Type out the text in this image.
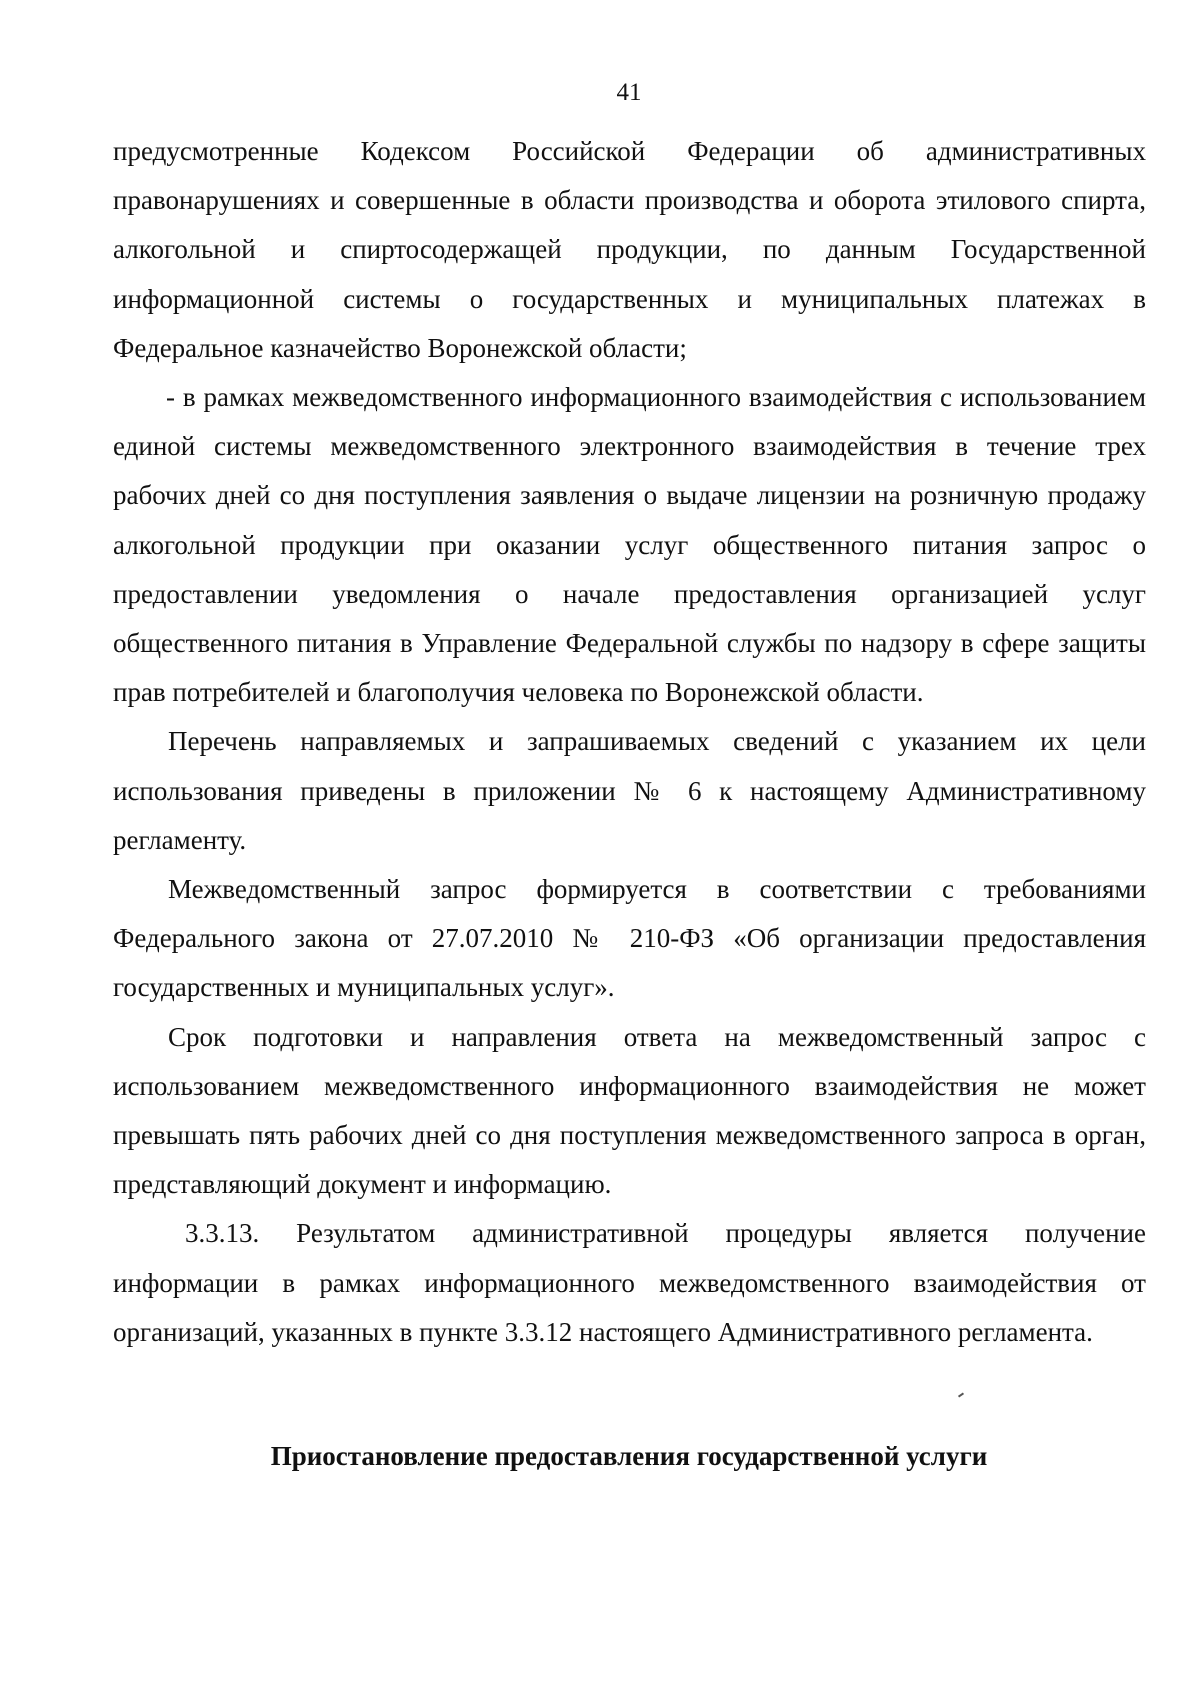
41

предусмотренные Кодексом Российской Федерации об административных правонарушениях и совершенные в области производства и оборота этилового спирта, алкогольной и спиртосодержащей продукции, по данным Государственной информационной системы о государственных и муниципальных платежах в Федеральное казначейство Воронежской области;

- в рамках межведомственного информационного взаимодействия с использованием единой системы межведомственного электронного взаимодействия в течение трех рабочих дней со дня поступления заявления о выдаче лицензии на розничную продажу алкогольной продукции при оказании услуг общественного питания запрос о предоставлении уведомления о начале предоставления организацией услуг общественного питания в Управление Федеральной службы по надзору в сфере защиты прав потребителей и благополучия человека по Воронежской области.

Перечень направляемых и запрашиваемых сведений с указанием их цели использования приведены в приложении № 6 к настоящему Административному регламенту.

Межведомственный запрос формируется в соответствии с требованиями Федерального закона от 27.07.2010 № 210-ФЗ «Об организации предоставления государственных и муниципальных услуг».

Срок подготовки и направления ответа на межведомственный запрос с использованием межведомственного информационного взаимодействия не может превышать пять рабочих дней со дня поступления межведомственного запроса в орган, представляющий документ и информацию.

3.3.13. Результатом административной процедуры является получение информации в рамках информационного межведомственного взаимодействия от организаций, указанных в пункте 3.3.12 настоящего Административного регламента.

Приостановление предоставления государственной услуги
